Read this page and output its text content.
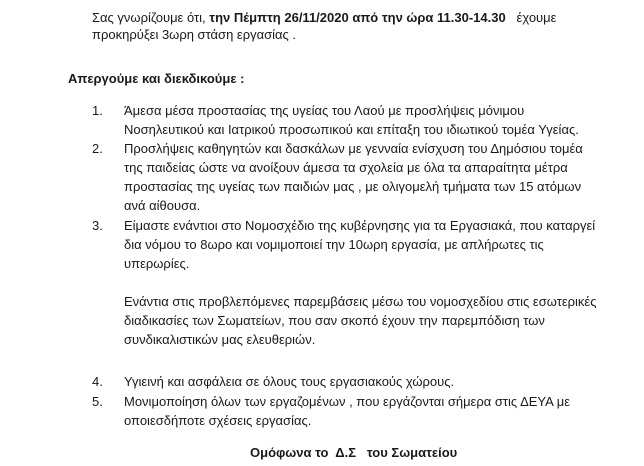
Σας γνωρίζουμε ότι, την Πέμπτη 26/11/2020 από την ώρα 11.30-14.30   έχουμε
προκηρύξει 3ωρη στάση εργασίας .
Απεργούμε και διεκδικούμε :
1. Άμεσα μέσα προστασίας της υγείας του Λαού με προσλήψεις μόνιμου
Νοσηλευτικού και Ιατρικού προσωπικού και επίταξη του ιδιωτικού τομέα Υγείας.
2. Προσλήψεις καθηγητών και δασκάλων με γενναία ενίσχυση του Δημόσιου τομέα
της παιδείας ώστε να ανοίξουν άμεσα τα σχολεία με όλα τα απαραίτητα μέτρα
προστασίας της υγείας των παιδιών μας , με ολιγομελή τμήματα των 15 ατόμων
ανά αίθουσα.
3. Είμαστε ενάντιοι στο Νομοσχέδιο της κυβέρνησης για τα Εργασιακά, που καταργεί
δια νόμου το 8ωρο και νομιμοποιεί την 10ωρη εργασία, με απλήρωτες τις
υπερωρίες.
Ενάντια στις προβλεπόμενες παρεμβάσεις μέσω του νομοσχεδίου στις εσωτερικές
διαδικασίες των Σωματείων, που σαν σκοπό έχουν την παρεμπόδιση των
συνδικαλιστικών μας ελευθεριών.
4. Υγιεινή και ασφάλεια σε όλους τους εργασιακούς χώρους.
5. Μονιμοποίηση όλων των εργαζομένων , που εργάζονται σήμερα στις ΔΕΥΑ με
οποιεσδήποτε σχέσεις εργασίας.
Ομόφωνα το  Δ.Σ   του Σωματείου
